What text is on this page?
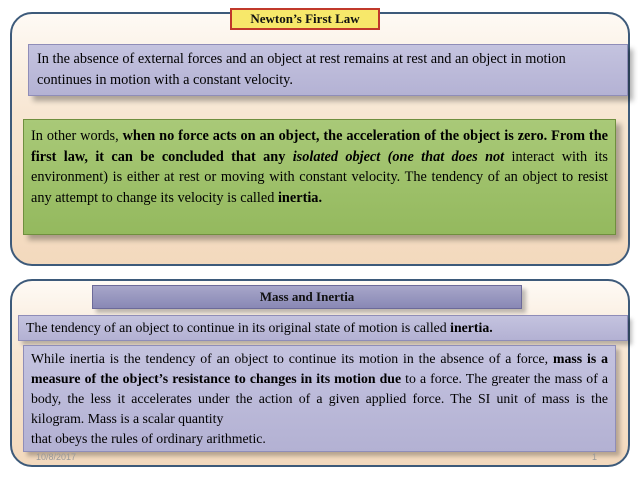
Newton’s First Law
In the absence of external forces and an object at rest remains at rest and an object in motion continues in motion with a constant velocity.
In other words, when no force acts on an object, the acceleration of the object is zero. From the first law, it can be concluded that any isolated object (one that does not interact with its environment) is either at rest or moving with constant velocity. The tendency of an object to resist any attempt to change its velocity is called inertia.
Mass and Inertia
The tendency of an object to continue in its original state of motion is called inertia.
While inertia is the tendency of an object to continue its motion in the absence of a force, mass is a measure of the object’s resistance to changes in its motion due to a force. The greater the mass of a body, the less it accelerates under the action of a given applied force. The SI unit of mass is the kilogram. Mass is a scalar quantity
that obeys the rules of ordinary arithmetic.
10/8/2017	1
